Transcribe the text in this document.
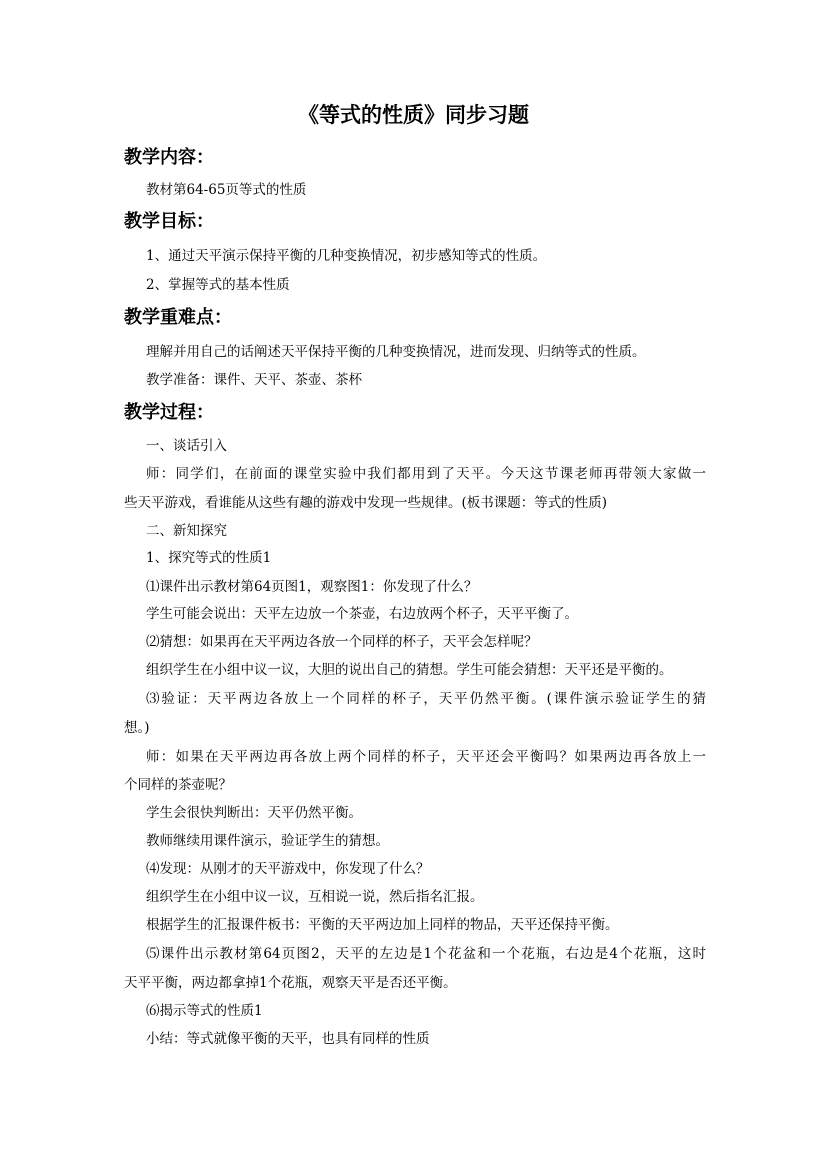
《等式的性质》同步习题
教学内容：
教材第64-65页等式的性质
教学目标：
1、通过天平演示保持平衡的几种变换情况，初步感知等式的性质。
2、掌握等式的基本性质
教学重难点：
理解并用自己的话阐述天平保持平衡的几种变换情况，进而发现、归纳等式的性质。
教学准备：课件、天平、茶壶、茶杯
教学过程：
一、谈话引入
师：同学们，在前面的课堂实验中我们都用到了天平。今天这节课老师再带领大家做一
些天平游戏，看谁能从这些有趣的游戏中发现一些规律。(板书课题：等式的性质)
二、新知探究
1、探究等式的性质1
⑴课件出示教材第64页图1，观察图1：你发现了什么？
学生可能会说出：天平左边放一个茶壶，右边放两个杯子，天平平衡了。
⑵猜想：如果再在天平两边各放一个同样的杯子，天平会怎样呢？
组织学生在小组中议一议，大胆的说出自己的猜想。学生可能会猜想：天平还是平衡的。
⑶验证：天平两边各放上一个同样的杯子，天平仍然平衡。(课件演示验证学生的猜
想。)
师：如果在天平两边再各放上两个同样的杯子，天平还会平衡吗？如果两边再各放上一
个同样的茶壶呢？
学生会很快判断出：天平仍然平衡。
教师继续用课件演示，验证学生的猜想。
⑷发现：从刚才的天平游戏中，你发现了什么？
组织学生在小组中议一议，互相说一说，然后指名汇报。
根据学生的汇报课件板书：平衡的天平两边加上同样的物品，天平还保持平衡。
⑸课件出示教材第64页图2，天平的左边是1个花盆和一个花瓶，右边是4个花瓶，这时
天平平衡，两边都拿掉1个花瓶，观察天平是否还平衡。
⑹揭示等式的性质1
小结：等式就像平衡的天平，也具有同样的性质
